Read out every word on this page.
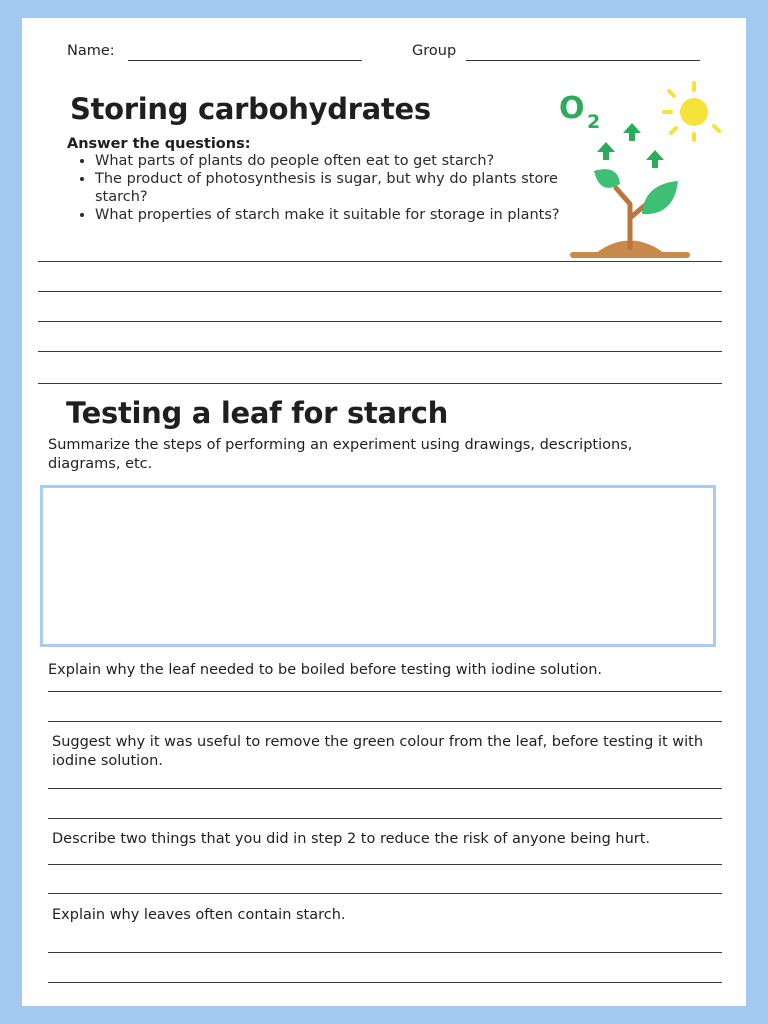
Name:	Group
Storing carbohydrates
Answer the questions:
• What parts of plants do people often eat to get starch?
• The product of photosynthesis is sugar, but why do plants store starch?
• What properties of starch make it suitable for storage in plants?
O 2
Testing a leaf for starch
Summarize the steps of performing an experiment using drawings, descriptions, diagrams, etc.
Explain why the leaf needed to be boiled before testing with iodine solution.
Suggest why it was useful to remove the green colour from the leaf, before testing it with iodine solution.
Describe two things that you did in step 2 to reduce the risk of anyone being hurt.
Explain why leaves often contain starch.
